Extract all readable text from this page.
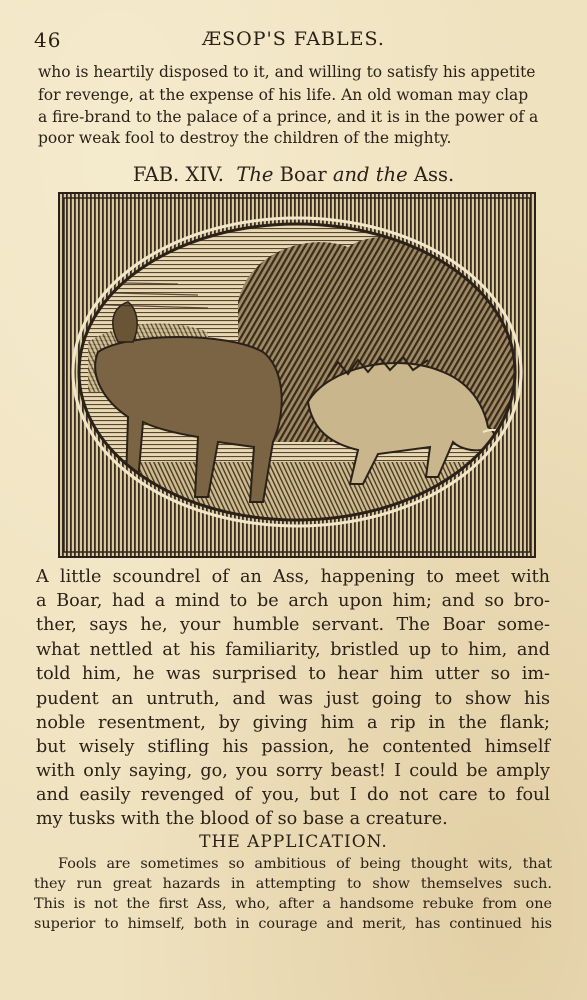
46	ÆSOP'S FABLES.
who is heartily disposed to it, and willing to satisfy his appetite
for revenge, at the expense of his life. An old woman may clap
a fire-brand to the palace of a prince, and it is in the power of a
poor weak fool to destroy the children of the mighty.
FAB. XIV. The Boar and the Ass.
A little scoundrel of an Ass, happening to meet with
a Boar, had a mind to be arch upon him; and so bro-
ther, says he, your humble servant. The Boar some-
what nettled at his familiarity, bristled up to him, and
told him, he was surprised to hear him utter so im-
pudent an untruth, and was just going to show his
noble resentment, by giving him a rip in the flank;
but wisely stifling his passion, he contented himself
with only saying, go, you sorry beast! I could be amply
and easily revenged of you, but I do not care to foul
my tusks with the blood of so base a creature.
THE APPLICATION.
Fools are sometimes so ambitious of being thought wits, that
they run great hazards in attempting to show themselves such.
This is not the first Ass, who, after a handsome rebuke from one
superior to himself, both in courage and merit, has continued his
